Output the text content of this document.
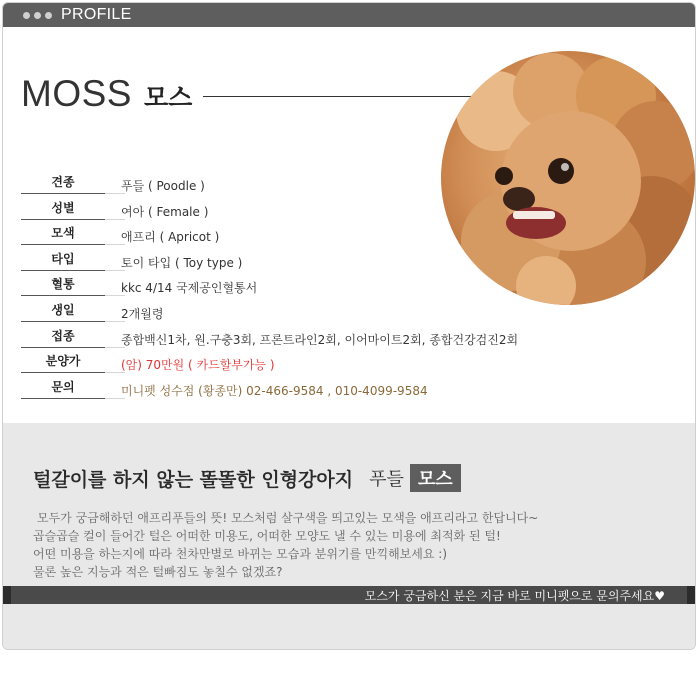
PROFILE
MOSS 모스
견종	푸들 ( Poodle )
성별	여아 ( Female )
모색	애프리 ( Apricot )
타입	토이 타입 ( Toy type )
혈통	kkc 4/14 국제공인혈통서
생일	2개월령
접종	종합백신1차, 원.구충3회, 프론트라인2회, 이어마이트2회, 종합건강검진2회
분양가	(암) 70만원 ( 카드할부가능 )
문의	미니펫 성수점 (황종만) 02-466-9584 , 010-4099-9584
털갈이를 하지 않는 똘똘한 인형강아지 푸들 모스
모두가 궁금해하던 애프리푸들의 뜻! 모스처럼 살구색을 띄고있는 모색을 애프리라고 한답니다~
곱슬곱슬 컬이 들어간 털은 어떠한 미용도, 어떠한 모양도 낼 수 있는 미용에 최적화 된 털!
어떤 미용을 하는지에 따라 천차만별로 바뀌는 모습과 분위기를 만끽해보세요 :)
물론 높은 지능과 적은 털빠짐도 놓칠수 없겠죠?
모스가 궁금하신 분은 지금 바로 미니펫으로 문의주세요♥
